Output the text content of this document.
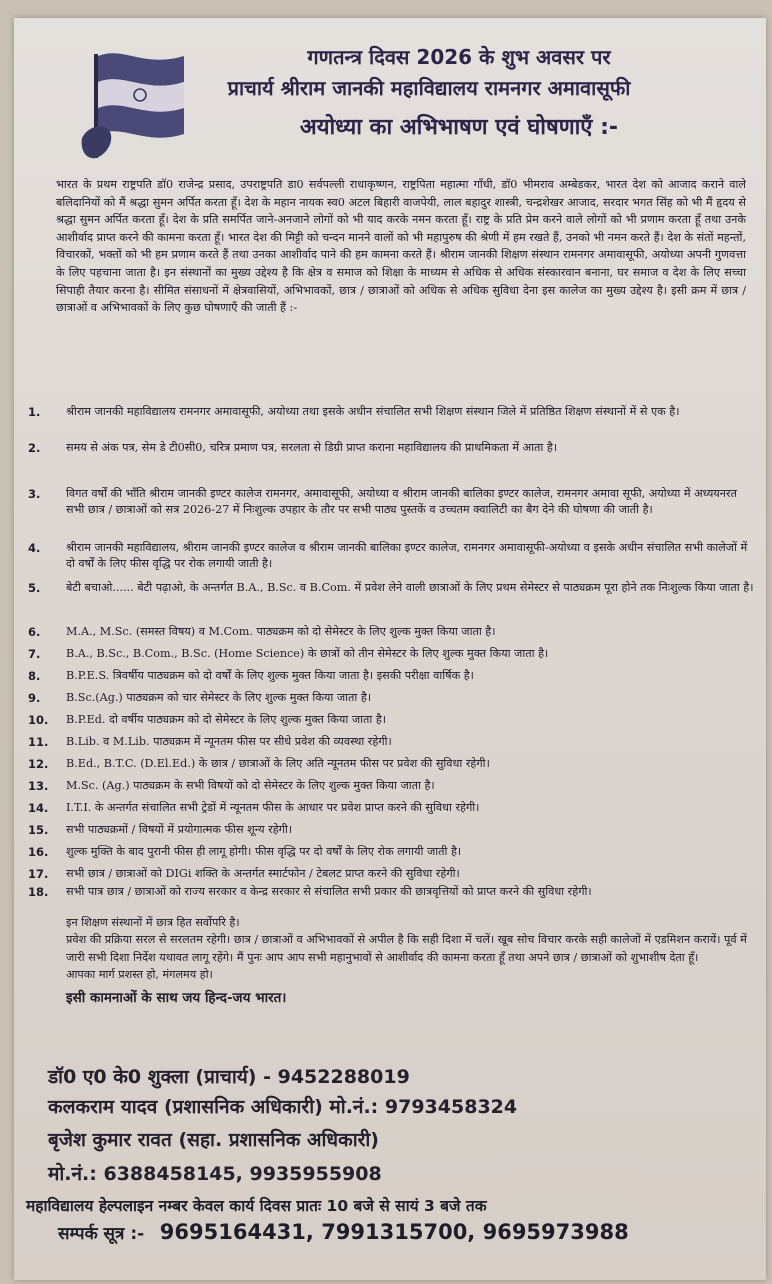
गणतन्त्र दिवस 2026 के शुभ अवसर पर
प्राचार्य श्रीराम जानकी महाविद्यालय रामनगर अमावासूफी
अयोध्या का अभिभाषण एवं घोषणाएँ :-
भारत के प्रथम राष्ट्रपति डॉ0 राजेन्द्र प्रसाद, उपराष्ट्रपति डा0 सर्वपल्ली राधाकृष्णन, राष्ट्रपिता महात्मा गाँधी, डॉ0 भीमराव अम्बेडकर, भारत देश को आजाद कराने वाले बलिदानियों को मैं श्रद्धा सुमन अर्पित करता हूँ। देश के महान नायक स्व0 अटल बिहारी वाजपेयी, लाल बहादुर शास्त्री, चन्द्रशेखर आजाद, सरदार भगत सिंह को भी मैं हृदय से श्रद्धा सुमन अर्पित करता हूँ। देश के प्रति समर्पित जाने-अनजाने लोगों को भी याद करके नमन करता हूँ। राष्ट्र के प्रति प्रेम करने वाले लोगों को भी प्रणाम करता हूँ तथा उनके आशीर्वाद प्राप्त करने की कामना करता हूँ। भारत देश की मिट्टी को चन्दन मानने वालों को भी महापुरुष की श्रेणी में हम रखते हैं, उनको भी नमन करते हैं। देश के संतों महन्तों, विचारकों, भक्तों को भी हम प्रणाम करते हैं तथा उनका आशीर्वाद पाने की हम कामना करते हैं। श्रीराम जानकी शिक्षण संस्थान रामनगर अमावासूफी, अयोध्या अपनी गुणवत्ता के लिए पहचाना जाता है। इन संस्थानों का मुख्य उद्देश्य है कि क्षेत्र व समाज को शिक्षा के माध्यम से अधिक से अधिक संस्कारवान बनाना, घर समाज व देश के लिए सच्चा सिपाही तैयार करना है। सीमित संसाधनों में क्षेत्रवासियों, अभिभावकों, छात्र / छात्राओं को अधिक से अधिक सुविधा देना इस कालेज का मुख्य उद्देश्य है। इसी क्रम में छात्र / छात्राओं व अभिभावकों के लिए कुछ घोषणाएँ की जाती हैं :-
1.	श्रीराम जानकी महाविद्यालय रामनगर अमावासूफी, अयोध्या तथा इसके अधीन संचालित सभी शिक्षण संस्थान जिले में प्रतिष्ठित शिक्षण संस्थानों में से एक है।
2.	समय से अंक पत्र, सेम डे टी0सी0, चरित्र प्रमाण पत्र, सरलता से डिग्री प्राप्त कराना महाविद्यालय की प्राथमिकता में आता है।
3.	विगत वर्षों की भाँति श्रीराम जानकी इण्टर कालेज रामनगर, अमावासूफी, अयोध्या व श्रीराम जानकी बालिका इण्टर कालेज, रामनगर अमावा सूफी, अयोध्या में अध्ययनरत सभी छात्र / छात्राओं को सत्र 2026-27 में निःशुल्क उपहार के तौर पर सभी पाठ्य पुस्तकें व उच्चतम क्वालिटी का बैग देने की घोषणा की जाती है।
4.	श्रीराम जानकी महाविद्यालय, श्रीराम जानकी इण्टर कालेज व श्रीराम जानकी बालिका इण्टर कालेज, रामनगर अमावासूफी-अयोध्या व इसके अधीन संचालित सभी कालेजों में दो वर्षों के लिए फीस वृद्धि पर रोक लगायी जाती है।
5.	बेटी बचाओ...... बेटी पढ़ाओ, के अन्तर्गत B.A., B.Sc. व B.Com. में प्रवेश लेने वाली छात्राओं के लिए प्रथम सेमेस्टर से पाठ्यक्रम पूरा होने तक निःशुल्क किया जाता है।
6.	M.A., M.Sc. (समस्त विषय) व M.Com. पाठ्यक्रम को दो सेमेस्टर के लिए शुल्क मुक्त किया जाता है।
7.	B.A., B.Sc., B.Com., B.Sc. (Home Science) के छात्रों को तीन सेमेस्टर के लिए शुल्क मुक्त किया जाता है।
8.	B.P.E.S. त्रिवर्षीय पाठ्यक्रम को दो वर्षों के लिए शुल्क मुक्त किया जाता है। इसकी परीक्षा वार्षिक है।
9.	B.Sc.(Ag.) पाठ्यक्रम को चार सेमेस्टर के लिए शुल्क मुक्त किया जाता है।
10.	B.P.Ed. दो वर्षीय पाठ्यक्रम को दो सेमेस्टर के लिए शुल्क मुक्त किया जाता है।
11.	B.Lib. व M.Lib. पाठ्यक्रम में न्यूनतम फीस पर सीधे प्रवेश की व्यवस्था रहेगी।
12.	B.Ed., B.T.C. (D.El.Ed.) के छात्र / छात्राओं के लिए अति न्यूनतम फीस पर प्रवेश की सुविधा रहेगी।
13.	M.Sc. (Ag.) पाठ्यक्रम के सभी विषयों को दो सेमेस्टर के लिए शुल्क मुक्त किया जाता है।
14.	I.T.I. के अन्तर्गत संचालित सभी ट्रेडों में न्यूनतम फीस के आधार पर प्रवेश प्राप्त करने की सुविधा रहेगी।
15.	सभी पाठ्यक्रमों / विषयों में प्रयोगात्मक फीस शून्य रहेगी।
16.	शुल्क मुक्ति के बाद पुरानी फीस ही लागू होगी। फीस वृद्धि पर दो वर्षों के लिए रोक लगायी जाती है।
17.	सभी छात्र / छात्राओं को DIGi शक्ति के अन्तर्गत स्मार्टफोन / टेबलट प्राप्त करने की सुविधा रहेगी।
18.	सभी पात्र छात्र / छात्राओं को राज्य सरकार व केन्द्र सरकार से संचालित सभी प्रकार की छात्रवृत्तियों को प्राप्त करने की सुविधा रहेगी।
इन शिक्षण संस्थानों में छात्र हित सर्वोपरि है।
प्रवेश की प्रक्रिया सरल से सरलतम रहेगी। छात्र / छात्राओं व अभिभावकों से अपील है कि सही दिशा में चलें। खूब सोच विचार करके सही कालेजों में एडमिशन करायें। पूर्व में जारी सभी दिशा निर्देश यथावत लागू रहेंगे। मैं पुनः आप आप सभी महानुभावों से आशीर्वाद की कामना करता हूँ तथा अपने छात्र / छात्राओं को शुभाशीष देता हूँ।
आपका मार्ग प्रशस्त हो, मंगलमय हो।
इसी कामनाओं के साथ जय हिन्द-जय भारत।
डॉ0 ए0 के0 शुक्ला (प्राचार्य) - 9452288019
कलकराम यादव (प्रशासनिक अधिकारी) मो.नं.: 9793458324
बृजेश कुमार रावत (सहा. प्रशासनिक अधिकारी)
मो.नं.: 6388458145, 9935955908
महाविद्यालय हेल्पलाइन नम्बर केवल कार्य दिवस प्रातः 10 बजे से सायं 3 बजे तक
सम्पर्क सूत्र :- 9695164431, 7991315700, 9695973988
